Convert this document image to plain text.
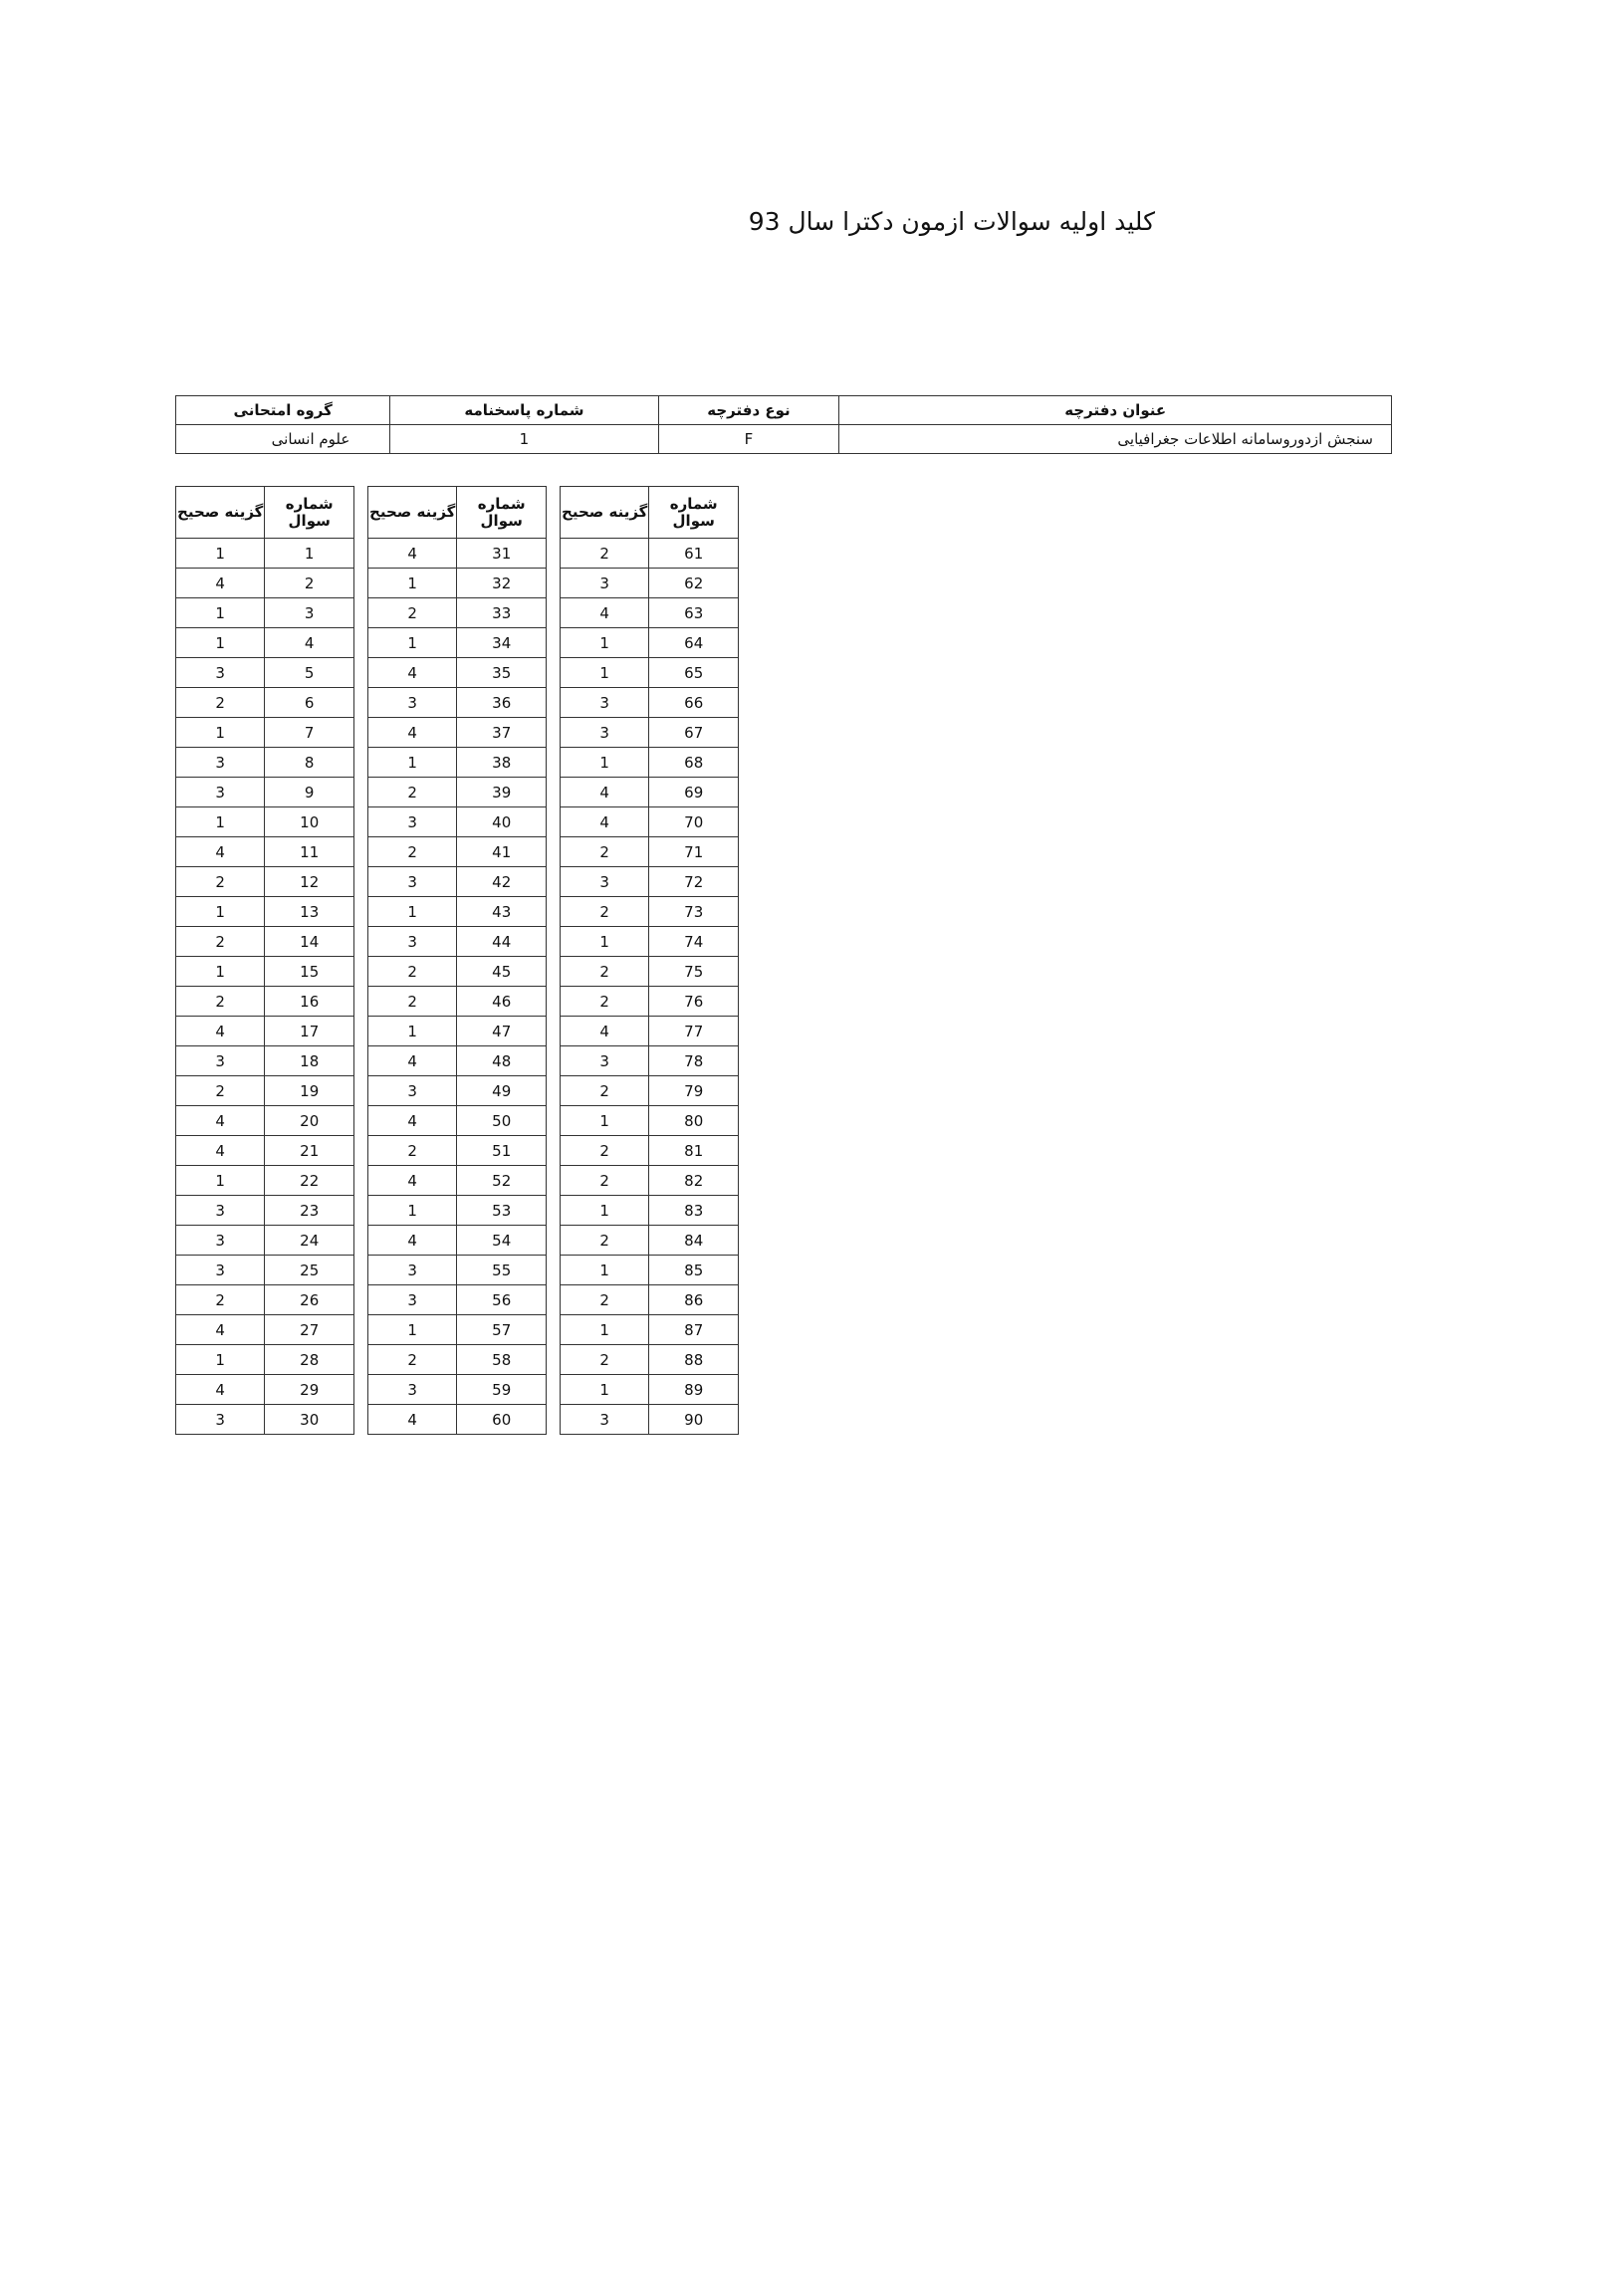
کلید اولیه سوالات ازمون دکترا سال 93
عنوان دفترچه	نوع دفترچه	شماره پاسخنامه	گروه امتحانی
سنجش ازدوروسامانه اطلاعات جغرافیایی	F	1	علوم انسانی
شماره سوال	گزینه صحیح
1	1
2	4
3	1
4	1
5	3
6	2
7	1
8	3
9	3
10	1
11	4
12	2
13	1
14	2
15	1
16	2
17	4
18	3
19	2
20	4
21	4
22	1
23	3
24	3
25	3
26	2
27	4
28	1
29	4
30	3
شماره سوال	گزینه صحیح
31	4
32	1
33	2
34	1
35	4
36	3
37	4
38	1
39	2
40	3
41	2
42	3
43	1
44	3
45	2
46	2
47	1
48	4
49	3
50	4
51	2
52	4
53	1
54	4
55	3
56	3
57	1
58	2
59	3
60	4
شماره سوال	گزینه صحیح
61	2
62	3
63	4
64	1
65	1
66	3
67	3
68	1
69	4
70	4
71	2
72	3
73	2
74	1
75	2
76	2
77	4
78	3
79	2
80	1
81	2
82	2
83	1
84	2
85	1
86	2
87	1
88	2
89	1
90	3
